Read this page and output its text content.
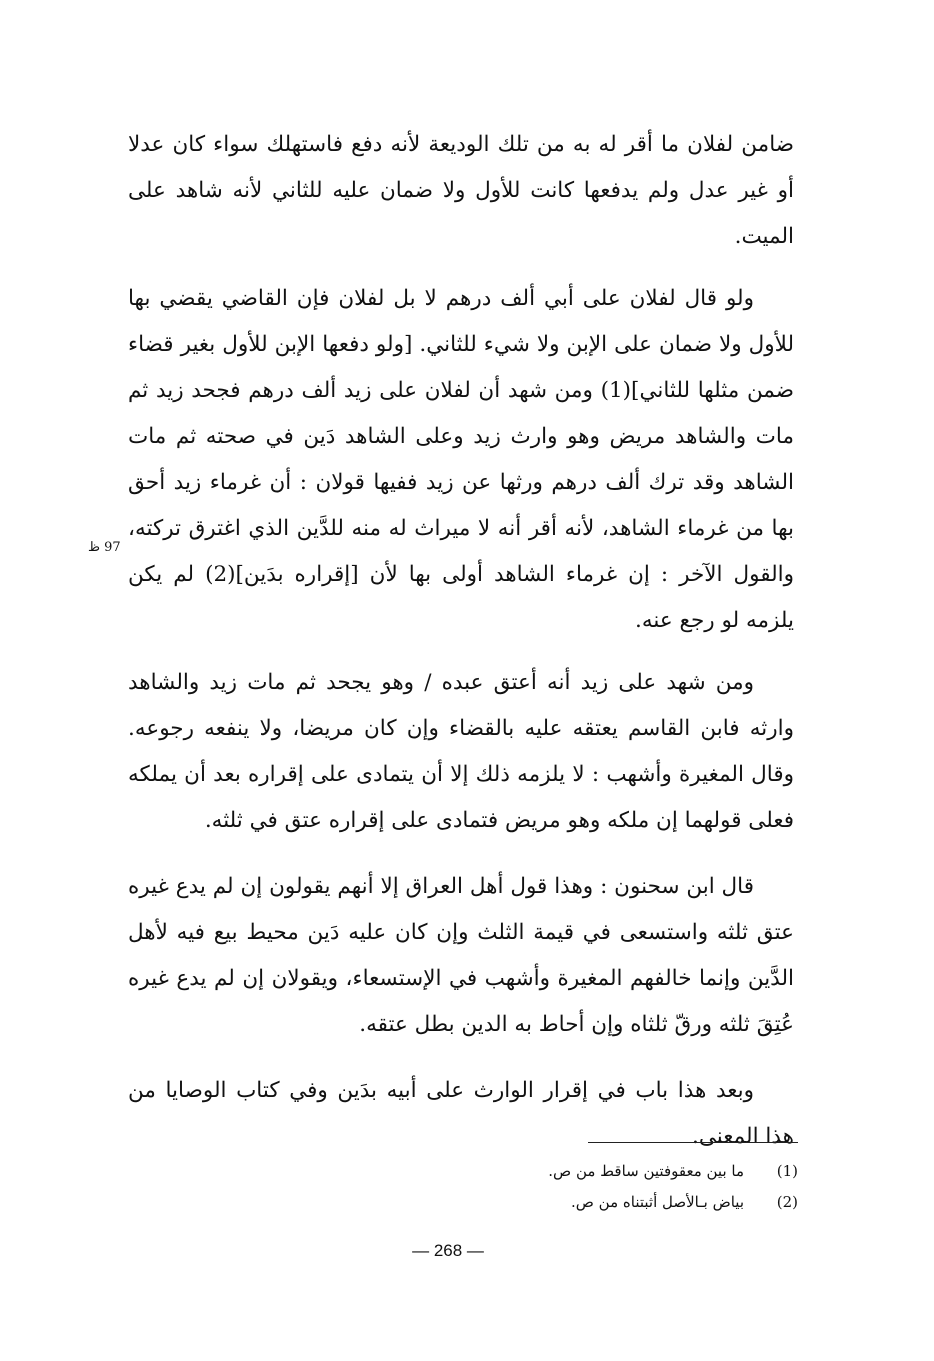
ضامن لفلان ما أقر له به من تلك الوديعة لأنه دفع فاستهلك سواء كان عدلا أو غير عدل ولم يدفعها كانت للأول ولا ضمان عليه للثاني لأنه شاهد على الميت.

ولو قال لفلان على أبي ألف درهم لا بل لفلان فإن القاضي يقضي بها للأول ولا ضمان على الإبن ولا شيء للثاني. [ولو دفعها الإبن للأول بغير قضاء ضمن مثلها للثاني](1) ومن شهد أن لفلان على زيد ألف درهم فجحد زيد ثم مات والشاهد مريض وهو وارث زيد وعلى الشاهد دَين في صحته ثم مات الشاهد وقد ترك ألف درهم ورثها عن زيد ففيها قولان : أن غرماء زيد أحق بها من غرماء الشاهد، لأنه أقر أنه لا ميراث له منه للدَّين الذي اغترق تركته، والقول الآخر : إن غرماء الشاهد أولى بها لأن [إقراره بدَين](2) لم يكن يلزمه لو رجع عنه.

ومن شهد على زيد أنه أعتق عبده / وهو يجحد ثم مات زيد والشاهد وارثه فابن القاسم يعتقه عليه بالقضاء وإن كان مريضا، ولا ينفعه رجوعه. وقال المغيرة وأشهب : لا يلزمه ذلك إلا أن يتمادى على إقراره بعد أن يملكه فعلى قولهما إن ملكه وهو مريض فتمادى على إقراره عتق في ثلثه.

قال ابن سحنون : وهذا قول أهل العراق إلا أنهم يقولون إن لم يدع غيره عتق ثلثه واستسعى في قيمة الثلث وإن كان عليه دَين محيط بيع فيه لأهل الدَّين وإنما خالفهم المغيرة وأشهب في الإستسعاء، ويقولان إن لم يدع غيره عُتِقَ ثلثه ورقّ ثلثاه وإن أحاط به الدين بطل عتقه.

وبعد هذا باب في إقرار الوارث على أبيه بدَين وفي كتاب الوصايا من هذا المعنى.

97 ظ
(1)
ما بين معقوفتين ساقط من ص.
(2)
بياض بـالأصل أثبتناه من ص.
— 268 —
